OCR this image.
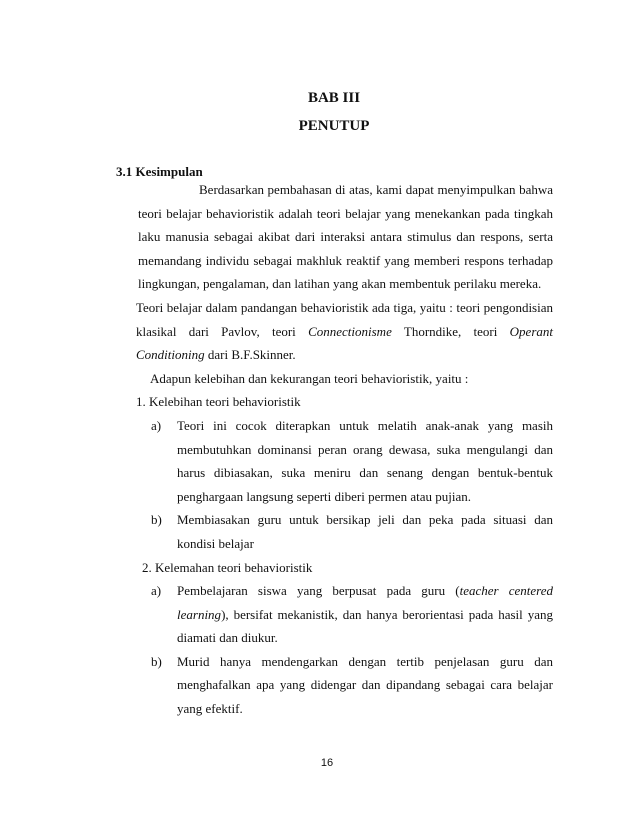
BAB III
PENUTUP
3.1 Kesimpulan

Berdasarkan pembahasan di atas, kami dapat menyimpulkan bahwa teori belajar behavioristik adalah teori belajar yang menekankan pada tingkah laku manusia sebagai akibat dari interaksi antara stimulus dan respons, serta memandang individu sebagai makhluk reaktif yang memberi respons terhadap lingkungan, pengalaman, dan latihan yang akan membentuk perilaku mereka.

Teori belajar dalam pandangan behavioristik ada tiga, yaitu : teori pengondisian klasikal dari Pavlov, teori Connectionisme Thorndike, teori Operant Conditioning dari B.F.Skinner.

Adapun kelebihan dan kekurangan teori behavioristik, yaitu :

1. Kelebihan teori behavioristik

a)	Teori ini cocok diterapkan untuk melatih anak-anak yang masih membutuhkan dominansi peran orang dewasa, suka mengulangi dan harus dibiasakan, suka meniru dan senang dengan bentuk-bentuk penghargaan langsung seperti diberi permen atau pujian.
b)	Membiasakan guru untuk bersikap jeli dan peka pada situasi dan kondisi belajar

2. Kelemahan teori behavioristik

a)	Pembelajaran siswa yang berpusat pada guru (teacher centered learning), bersifat mekanistik, dan hanya berorientasi pada hasil yang diamati dan diukur.
b)	Murid hanya mendengarkan dengan tertib penjelasan guru dan menghafalkan apa yang didengar dan dipandang sebagai cara belajar yang efektif.
16
